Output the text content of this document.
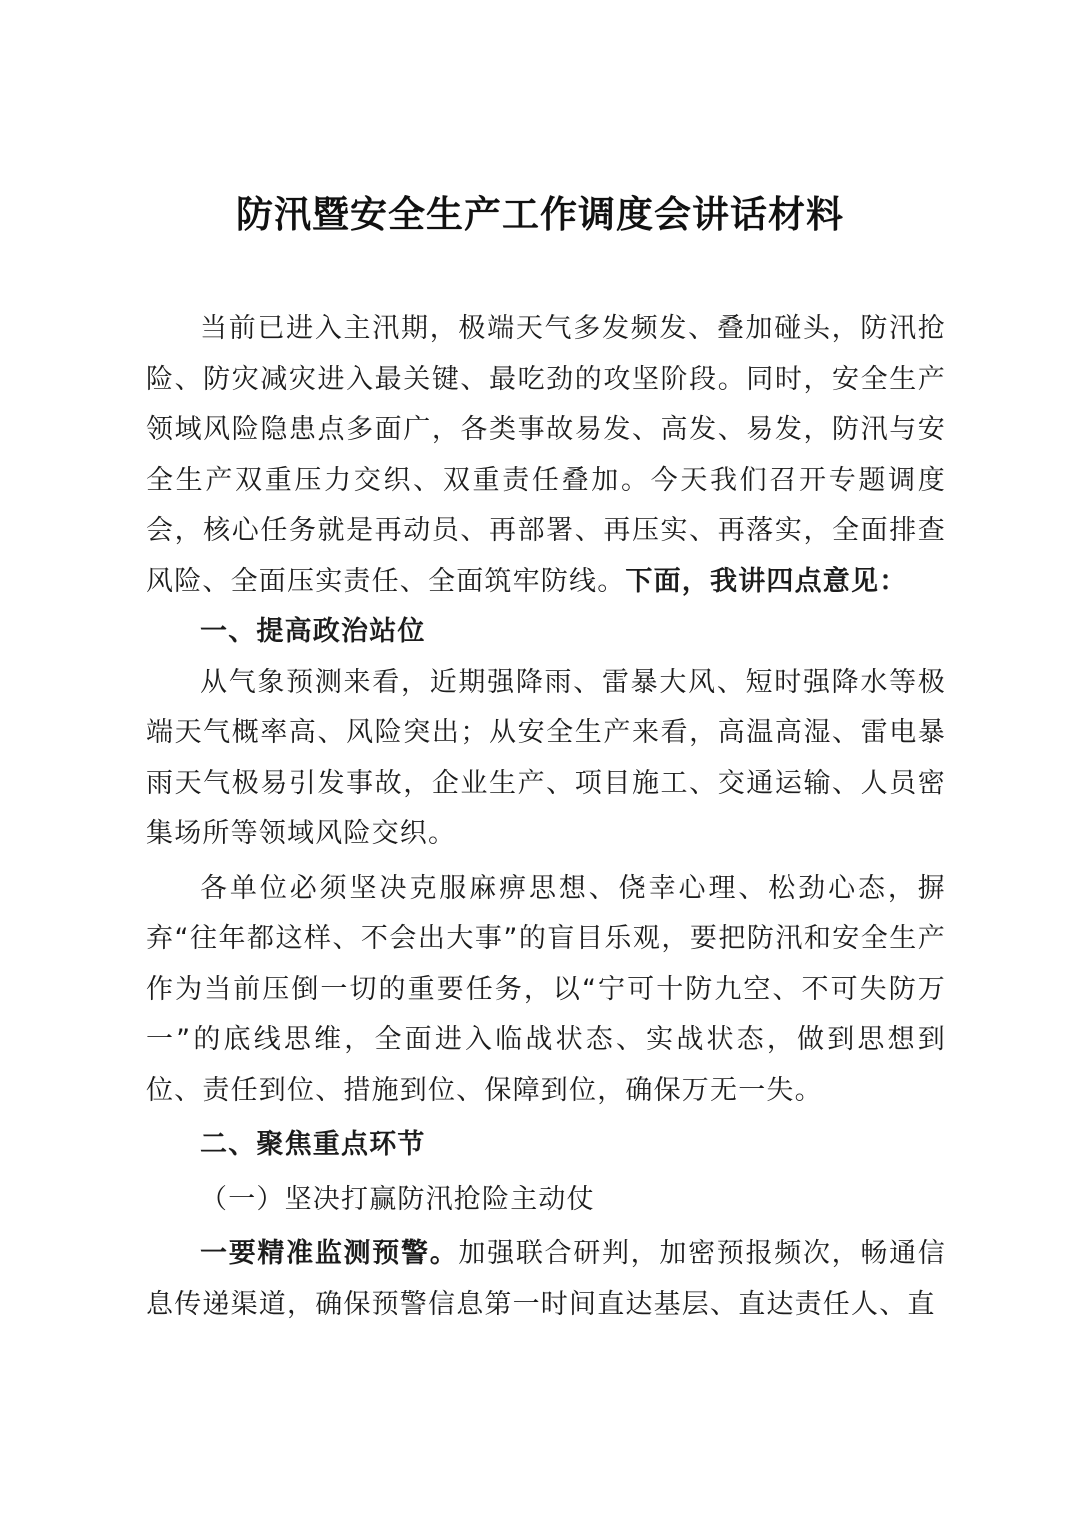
防汛暨安全生产工作调度会讲话材料

当前已进入主汛期，极端天气多发频发、叠加碰头，防汛抢险、防灾减灾进入最关键、最吃劲的攻坚阶段。同时，安全生产领域风险隐患点多面广，各类事故易发、高发、易发，防汛与安全生产双重压力交织、双重责任叠加。今天我们召开专题调度会，核心任务就是再动员、再部署、再压实、再落实，全面排查风险、全面压实责任、全面筑牢防线。下面，我讲四点意见：

一、提高政治站位

从气象预测来看，近期强降雨、雷暴大风、短时强降水等极端天气概率高、风险突出；从安全生产来看，高温高湿、雷电暴雨天气极易引发事故，企业生产、项目施工、交通运输、人员密集场所等领域风险交织。

各单位必须坚决克服麻痹思想、侥幸心理、松劲心态，摒弃“往年都这样、不会出大事”的盲目乐观，要把防汛和安全生产作为当前压倒一切的重要任务，以“宁可十防九空、不可失防万一”的底线思维，全面进入临战状态、实战状态，做到思想到位、责任到位、措施到位、保障到位，确保万无一失。

二、聚焦重点环节
（一）坚决打赢防汛抢险主动仗

一要精准监测预警。加强联合研判，加密预报频次，畅通信息传递渠道，确保预警信息第一时间直达基层、直达责任人、直
